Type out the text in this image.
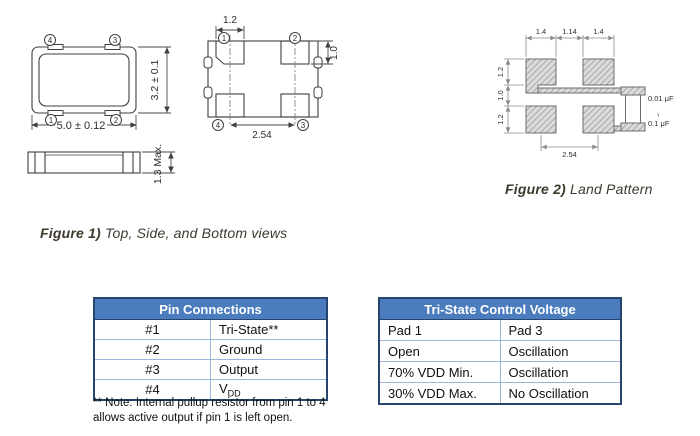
5.0 ± 0.12
3.2 ± 0.1
4	3
1	2
1.3 Max.
1.2
1.0
2.54
1	2
4	3
Figure 1) Top, Side, and Bottom views
1.4 1.14 1.4
1.2
1.0
1.2
2.54
0.01 μF
~
0.1 μF
Figure 2) Land Pattern
Pin Connections	
#1	Tri-State**
#2	Ground
#3	Output
#4	$V_{DD}$
** Note: Internal pullup resistor from pin 1 to 4
allows active output if pin 1 is left open.
Tri-State Control Voltage	
Pad 1	Pad 3
Open	Oscillation
70% VDD Min.	Oscillation
30% VDD Max.	No Oscillation
